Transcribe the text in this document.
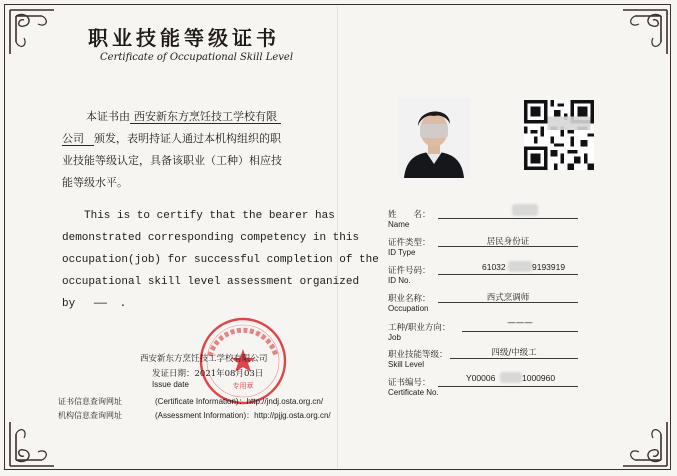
职业技能等级证书
Certificate of Occupational Skill Level
本证书由 西安新东方烹饪技工学校有限
公司 颁发，表明持证人通过本机构组织的职
业技能等级认定，具备该职业（工种）相应技
能等级水平。
This is to certify that the bearer has
demonstrated corresponding competency in this
occupation(job) for successful completion of the
occupational skill level assessment organized
by —— .
专用章
西安新东方烹饪技工学校有限公司
发证日期：2021年08月03日
Issue date
证书信息查询网址	(Certificate Information)：http://jndj.osta.org.cn/
机构信息查询网址	(Assessment Information)：http://pjjg.osta.org.cn/
姓　　名：
Name
证件类型：
ID Type
居民身份证
证件号码：
ID No.
61032	9193919
职业名称：
Occupation
西式烹调师
工种/职业方向：
Job
———
职业技能等级：
Skill Level
四级/中级工
证书编号：
Certificate No.
Y00006	1000960
